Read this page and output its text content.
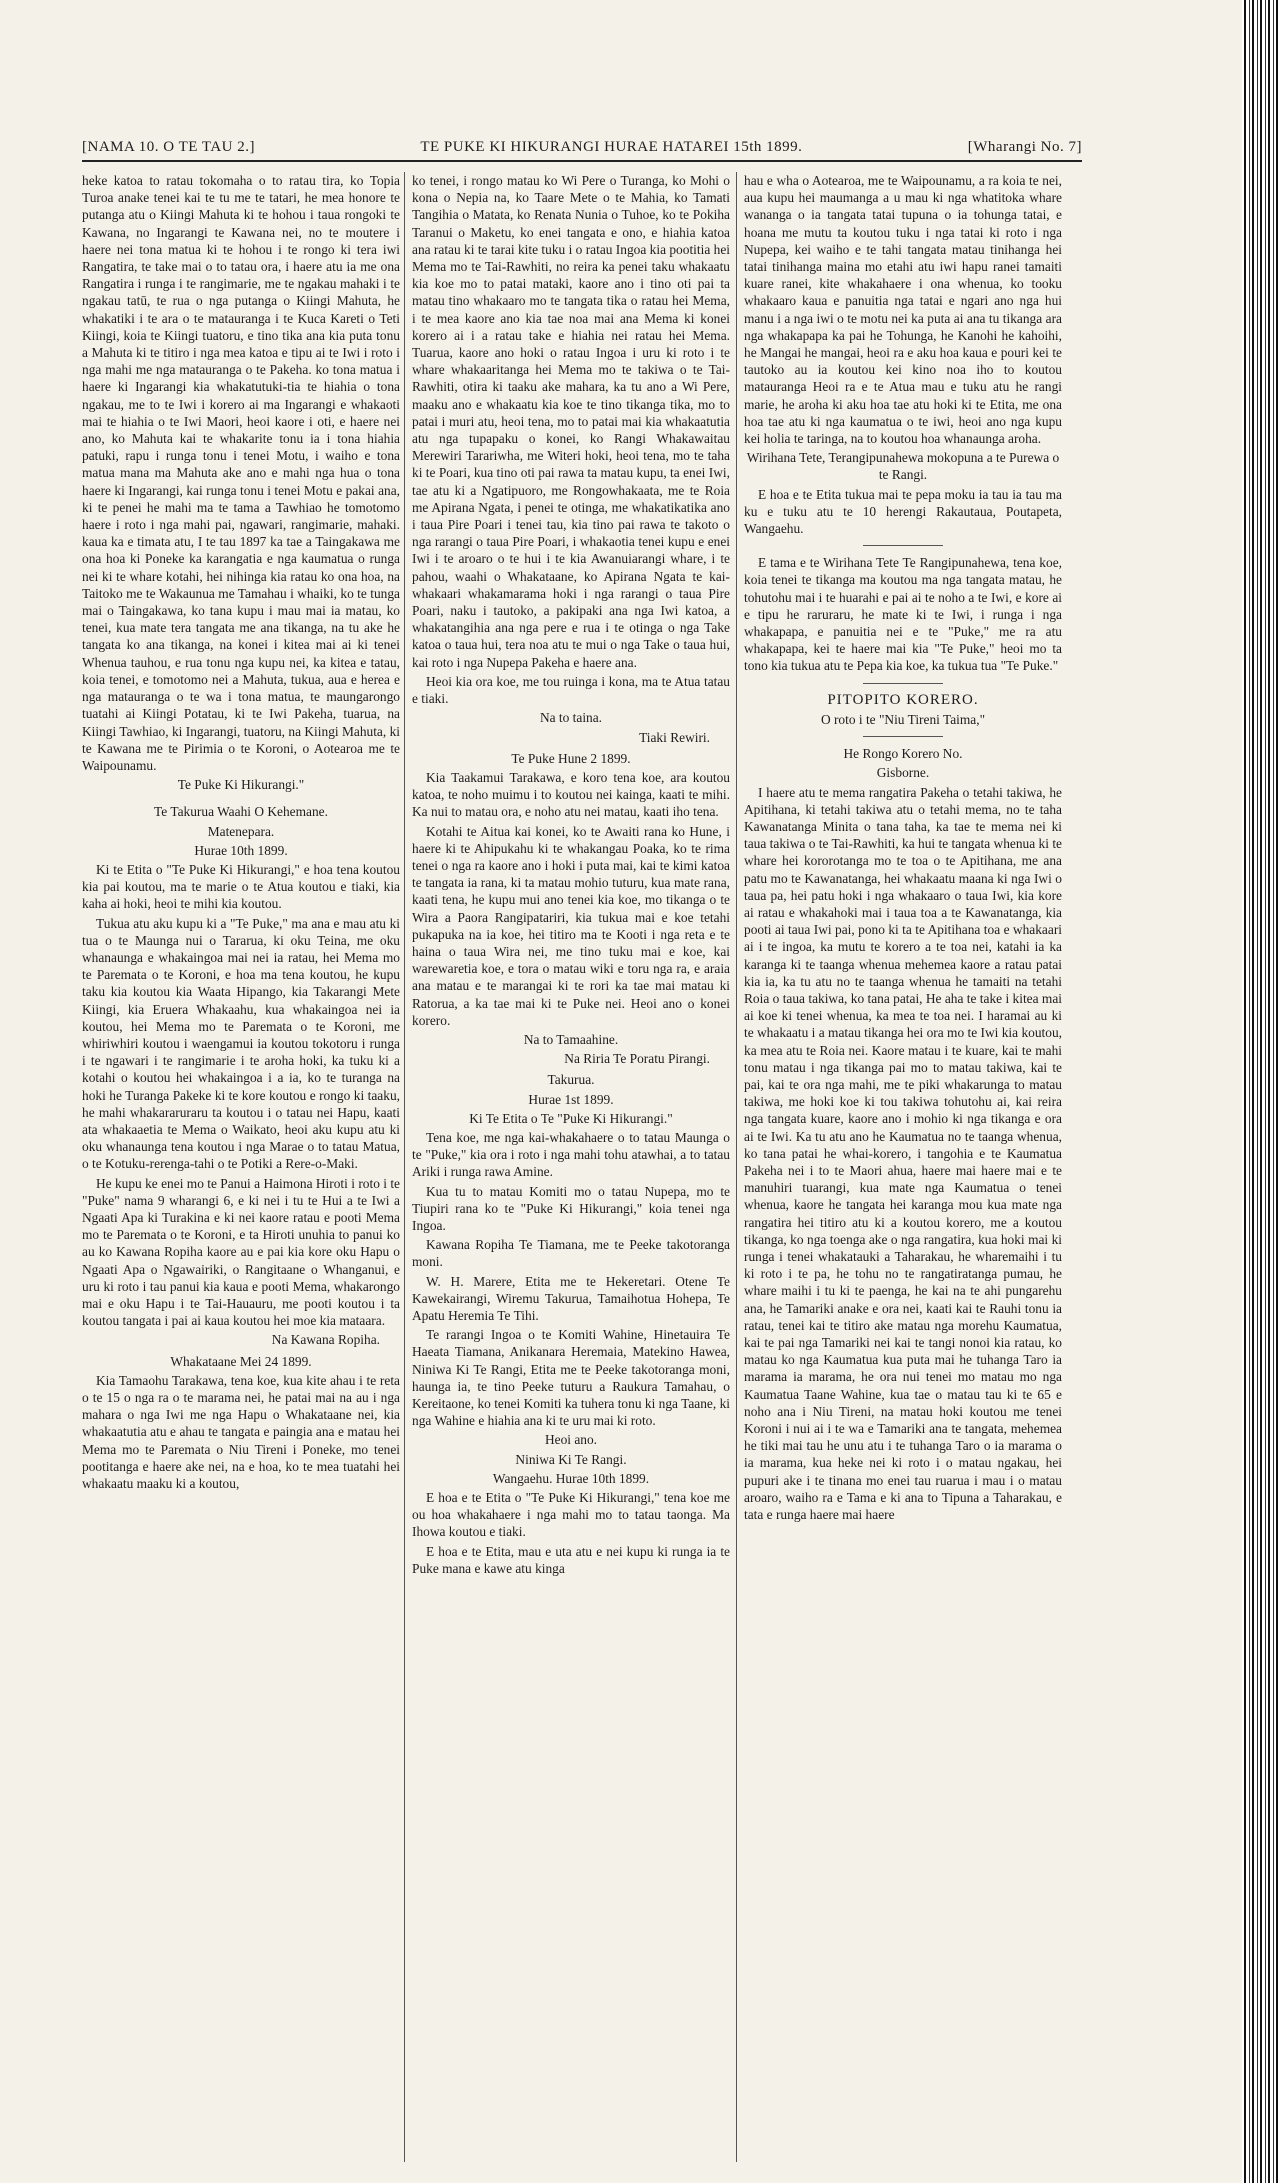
[NAMA 10. O TE TAU 2.]	TE PUKE KI HIKURANGI HURAE HATAREI 15th 1899.	[Wharangi No. 7]

heke katoa to ratau tokomaha o to ratau tira, ko Topia Turoa anake tenei kai te tu me te tatari, he mea honore te putanga atu o Kiingi Mahuta ki te hohou i taua rongoki te Kawana, no Ingarangi te Kawana nei, no te moutere i haere nei tona matua ki te hohou i te rongo ki tera iwi Rangatira, te take mai o to tatau ora, i haere atu ia me ona Rangatira i runga i te rangimarie, me te ngakau mahaki i te ngakau tatū, te rua o nga putanga o Kiingi Mahuta, he whakatiki i te ara o te matauranga i te Kuca Kareti o Teti Kiingi, koia te Kiingi tuatoru, e tino tika ana kia puta tonu a Mahuta ki te titiro i nga mea katoa e tipu ai te Iwi i roto i nga mahi me nga matauranga o te Pakeha. ko tona matua i haere ki Ingarangi kia whakatutuki-tia te hiahia o tona ngakau, me to te Iwi i korero ai ma Ingarangi e whakaoti mai te hiahia o te Iwi Maori, heoi kaore i oti, e haere nei ano, ko Mahuta kai te whakarite tonu ia i tona hiahia patuki, rapu i runga tonu i tenei Motu, i waiho e tona matua mana ma Mahuta ake ano e mahi nga hua o tona haere ki Ingarangi, kai runga tonu i tenei Motu e pakai ana, ki te penei he mahi ma te tama a Tawhiao he tomotomo haere i roto i nga mahi pai, ngawari, rangimarie, mahaki. kaua ka e timata atu, I te tau 1897 ka tae a Taingakawa me ona hoa ki Poneke ka karangatia e nga kaumatua o runga nei ki te whare kotahi, hei nihinga kia ratau ko ona hoa, na Taitoko me te Wakaunua me Tamahau i whaiki, ko te tunga mai o Taingakawa, ko tana kupu i mau mai ia matau, ko tenei, kua mate tera tangata me ana tikanga, na tu ake he tangata ko ana tikanga, na konei i kitea mai ai ki tenei Whenua tauhou, e rua tonu nga kupu nei, ka kitea e tatau, koia tenei, e tomotomo nei a Mahuta, tukua, aua e herea e nga matauranga o te wa i tona matua, te maungarongo tuatahi ai Kiingi Potatau, ki te Iwi Pakeha, tuarua, na Kiingi Tawhiao, ki Ingarangi, tuatoru, na Kiingi Mahuta, ki te Kawana me te Pirimia o te Koroni, o Aotearoa me te Waipounamu.

Te Puke Ki Hikurangi."

Te Takurua Waahi O Kehemane.

Matenepara.

Hurae 10th 1899.

Ki te Etita o "Te Puke Ki Hikurangi," e hoa tena koutou kia pai koutou, ma te marie o te Atua koutou e tiaki, kia kaha ai hoki, heoi te mihi kia koutou.

Tukua atu aku kupu ki a "Te Puke," ma ana e mau atu ki tua o te Maunga nui o Tararua, ki oku Teina, me oku whanaunga e whakaingoa mai nei ia ratau, hei Mema mo te Paremata o te Koroni, e hoa ma tena koutou, he kupu taku kia koutou kia Waata Hipango, kia Takarangi Mete Kiingi, kia Eruera Whakaahu, kua whakaingoa nei ia koutou, hei Mema mo te Paremata o te Koroni, me whiriwhiri koutou i waengamui ia koutou tokotoru i runga i te ngawari i te rangimarie i te aroha hoki, ka tuku ki a kotahi o koutou hei whakaingoa i a ia, ko te turanga na hoki he Turanga Pakeke ki te kore koutou e rongo ki taaku, he mahi whakararuraru ta koutou i o tatau nei Hapu, kaati ata whakaaetia te Mema o Waikato, heoi aku kupu atu ki oku whanaunga tena koutou i nga Marae o to tatau Matua, o te Kotuku-rerenga-tahi o te Potiki a Rere-o-Maki.

He kupu ke enei mo te Panui a Haimona Hiroti i roto i te "Puke" nama 9 wharangi 6, e ki nei i tu te Hui a te Iwi a Ngaati Apa ki Turakina e ki nei kaore ratau e pooti Mema mo te Paremata o te Koroni, e ta Hiroti unuhia to panui ko au ko Kawana Ropiha kaore au e pai kia kore oku Hapu o Ngaati Apa o Ngawairiki, o Rangitaane o Whanganui, e uru ki roto i tau panui kia kaua e pooti Mema, whakarongo mai e oku Hapu i te Tai-Hauauru, me pooti koutou i ta koutou tangata i pai ai kaua koutou hei moe kia mataara.

Na Kawana Ropiha.

Whakataane Mei 24 1899.

Kia Tamaohu Tarakawa, tena koe, kua kite ahau i te reta o te 15 o nga ra o te marama nei, he patai mai na au i nga mahara o nga Iwi me nga Hapu o Whakataane nei, kia whakaatutia atu e ahau te tangata e paingia ana e matau hei Mema mo te Paremata o Niu Tireni i Poneke, mo tenei pootitanga e haere ake nei, na e hoa, ko te mea tuatahi hei whakaatu maaku ki a koutou,

ko tenei, i rongo matau ko Wi Pere o Turanga, ko Mohi o kona o Nepia na, ko Taare Mete o te Mahia, ko Tamati Tangihia o Matata, ko Renata Nunia o Tuhoe, ko te Pokiha Taranui o Maketu, ko enei tangata e ono, e hiahia katoa ana ratau ki te tarai kite tuku i o ratau Ingoa kia pootitia hei Mema mo te Tai-Rawhiti, no reira ka penei taku whakaatu kia koe mo to patai mataki, kaore ano i tino oti pai ta matau tino whakaaro mo te tangata tika o ratau hei Mema, i te mea kaore ano kia tae noa mai ana Mema ki konei korero ai i a ratau take e hiahia nei ratau hei Mema. Tuarua, kaore ano hoki o ratau Ingoa i uru ki roto i te whare whakaaritanga hei Mema mo te takiwa o te Tai-Rawhiti, otira ki taaku ake mahara, ka tu ano a Wi Pere, maaku ano e whakaatu kia koe te tino tikanga tika, mo to patai i muri atu, heoi tena, mo to patai mai kia whakaatutia atu nga tupapaku o konei, ko Rangi Whakawaitau Merewiri Tarariwha, me Witeri hoki, heoi tena, mo te taha ki te Poari, kua tino oti pai rawa ta matau kupu, ta enei Iwi, tae atu ki a Ngatipuoro, me Rongowhakaata, me te Roia me Apirana Ngata, i penei te otinga, me whakatikatika ano i taua Pire Poari i tenei tau, kia tino pai rawa te takoto o nga rarangi o taua Pire Poari, i whakaotia tenei kupu e enei Iwi i te aroaro o te hui i te kia Awanuiarangi whare, i te pahou, waahi o Whakataane, ko Apirana Ngata te kai-whakaari whakamarama hoki i nga rarangi o taua Pire Poari, naku i tautoko, a pakipaki ana nga Iwi katoa, a whakatangihia ana nga pere e rua i te otinga o nga Take katoa o taua hui, tera noa atu te mui o nga Take o taua hui, kai roto i nga Nupepa Pakeha e haere ana.

Heoi kia ora koe, me tou ruinga i kona, ma te Atua tatau e tiaki.

Na to taina.

Tiaki Rewiri.

Te Puke Hune 2 1899.

Kia Taakamui Tarakawa, e koro tena koe, ara koutou katoa, te noho muimu i to koutou nei kainga, kaati te mihi. Ka nui to matau ora, e noho atu nei matau, kaati iho tena.

Kotahi te Aitua kai konei, ko te Awaiti rana ko Hune, i haere ki te Ahipukahu ki te whakangau Poaka, ko te rima tenei o nga ra kaore ano i hoki i puta mai, kai te kimi katoa te tangata ia rana, ki ta matau mohio tuturu, kua mate rana, kaati tena, he kupu mui ano tenei kia koe, mo tikanga o te Wira a Paora Rangipatariri, kia tukua mai e koe tetahi pukapuka na ia koe, hei titiro ma te Kooti i nga reta e te haina o taua Wira nei, me tino tuku mai e koe, kai warewaretia koe, e tora o matau wiki e toru nga ra, e araia ana matau e te marangai ki te rori ka tae mai matau ki Ratorua, a ka tae mai ki te Puke nei. Heoi ano o konei korero.

Na to Tamaahine.

Na Riria Te Poratu Pirangi.

Takurua.

Hurae 1st 1899.

Ki Te Etita o Te "Puke Ki Hikurangi."

Tena koe, me nga kai-whakahaere o to tatau Maunga o te "Puke," kia ora i roto i nga mahi tohu atawhai, a to tatau Ariki i runga rawa Amine.

Kua tu to matau Komiti mo o tatau Nupepa, mo te Tiupiri rana ko te "Puke Ki Hikurangi," koia tenei nga Ingoa.

Kawana Ropiha Te Tiamana, me te Peeke takotoranga moni.

W. H. Marere, Etita me te Hekeretari. Otene Te Kawekairangi, Wiremu Takurua, Tamaihotua Hohepa, Te Apatu Heremia Te Tihi.

Te rarangi Ingoa o te Komiti Wahine, Hinetauira Te Haeata Tiamana, Anikanara Heremaia, Matekino Hawea, Niniwa Ki Te Rangi, Etita me te Peeke takotoranga moni, haunga ia, te tino Peeke tuturu a Raukura Tamahau, o Kereitaone, ko tenei Komiti ka tuhera tonu ki nga Taane, ki nga Wahine e hiahia ana ki te uru mai ki roto.

Heoi ano.

Niniwa Ki Te Rangi.

Wangaehu. Hurae 10th 1899.

E hoa e te Etita o "Te Puke Ki Hikurangi," tena koe me ou hoa whakahaere i nga mahi mo to tatau taonga. Ma Ihowa koutou e tiaki.

E hoa e te Etita, mau e uta atu e nei kupu ki runga ia te Puke mana e kawe atu kinga

hau e wha o Aotearoa, me te Waipounamu, a ra koia te nei, aua kupu hei maumanga a u mau ki nga whatitoka whare wananga o ia tangata tatai tupuna o ia tohunga tatai, e hoana me mutu ta koutou tuku i nga tatai ki roto i nga Nupepa, kei waiho e te tahi tangata matau tinihanga hei tatai tinihanga maina mo etahi atu iwi hapu ranei tamaiti kuare ranei, kite whakahaere i ona whenua, ko tooku whakaaro kaua e panuitia nga tatai e ngari ano nga hui manu i a nga iwi o te motu nei ka puta ai ana tu tikanga ara nga whakapapa ka pai he Tohunga, he Kanohi he kahoihi, he Mangai he mangai, heoi ra e aku hoa kaua e pouri kei te tautoko au ia koutou kei kino noa iho to koutou matauranga Heoi ra e te Atua mau e tuku atu he rangi marie, he aroha ki aku hoa tae atu hoki ki te Etita, me ona hoa tae atu ki nga kaumatua o te iwi, heoi ano nga kupu kei holia te taringa, na to koutou hoa whanaunga aroha.

Wirihana Tete, Terangipunahewa mokopuna a te Purewa o te Rangi.

E hoa e te Etita tukua mai te pepa moku ia tau ia tau ma ku e tuku atu te 10 herengi Rakautaua, Poutapeta, Wangaehu.

E tama e te Wirihana Tete Te Rangipunahewa, tena koe, koia tenei te tikanga ma koutou ma nga tangata matau, he tohutohu mai i te huarahi e pai ai te noho a te Iwi, e kore ai e tipu he raruraru, he mate ki te Iwi, i runga i nga whakapapa, e panuitia nei e te "Puke," me ra atu whakapapa, kei te haere mai kia "Te Puke," heoi mo ta tono kia tukua atu te Pepa kia koe, ka tukua tua "Te Puke."

PITOPITO KORERO.

O roto i te "Niu Tireni Taima,"

He Rongo Korero No.

Gisborne.

I haere atu te mema rangatira Pakeha o tetahi takiwa, he Apitihana, ki tetahi takiwa atu o tetahi mema, no te taha Kawanatanga Minita o tana taha, ka tae te mema nei ki taua takiwa o te Tai-Rawhiti, ka hui te tangata whenua ki te whare hei kororotanga mo te toa o te Apitihana, me ana patu mo te Kawanatanga, hei whakaatu maana ki nga Iwi o taua pa, hei patu hoki i nga whakaaro o taua Iwi, kia kore ai ratau e whakahoki mai i taua toa a te Kawanatanga, kia pooti ai taua Iwi pai, pono ki ta te Apitihana toa e whakaari ai i te ingoa, ka mutu te korero a te toa nei, katahi ia ka karanga ki te taanga whenua mehemea kaore a ratau patai kia ia, ka tu atu no te taanga whenua he tamaiti na tetahi Roia o taua takiwa, ko tana patai, He aha te take i kitea mai ai koe ki tenei whenua, ka mea te toa nei. I haramai au ki te whakaatu i a matau tikanga hei ora mo te Iwi kia koutou, ka mea atu te Roia nei. Kaore matau i te kuare, kai te mahi tonu matau i nga tikanga pai mo to matau takiwa, kai te pai, kai te ora nga mahi, me te piki whakarunga to matau takiwa, me hoki koe ki tou takiwa tohutohu ai, kai reira nga tangata kuare, kaore ano i mohio ki nga tikanga e ora ai te Iwi. Ka tu atu ano he Kaumatua no te taanga whenua, ko tana patai he whai-korero, i tangohia e te Kaumatua Pakeha nei i to te Maori ahua, haere mai haere mai e te manuhiri tuarangi, kua mate nga Kaumatua o tenei whenua, kaore he tangata hei karanga mou kua mate nga rangatira hei titiro atu ki a koutou korero, me a koutou tikanga, ko nga toenga ake o nga rangatira, kua hoki mai ki runga i tenei whakatauki a Taharakau, he wharemaihi i tu ki roto i te pa, he tohu no te rangatiratanga pumau, he whare maihi i tu ki te paenga, he kai na te ahi pungarehu ana, he Tamariki anake e ora nei, kaati kai te Rauhi tonu ia ratau, tenei kai te titiro ake matau nga morehu Kaumatua, kai te pai nga Tamariki nei kai te tangi nonoi kia ratau, ko matau ko nga Kaumatua kua puta mai he tuhanga Taro ia marama ia marama, he ora nui tenei mo matau mo nga Kaumatua Taane Wahine, kua tae o matau tau ki te 65 e noho ana i Niu Tireni, na matau hoki koutou me tenei Koroni i nui ai i te wa e Tamariki ana te tangata, mehemea he tiki mai tau he unu atu i te tuhanga Taro o ia marama o ia marama, kua heke nei ki roto i o matau ngakau, hei pupuri ake i te tinana mo enei tau ruarua i mau i o matau aroaro, waiho ra e Tama e ki ana to Tipuna a Taharakau, e tata e runga haere mai haere
